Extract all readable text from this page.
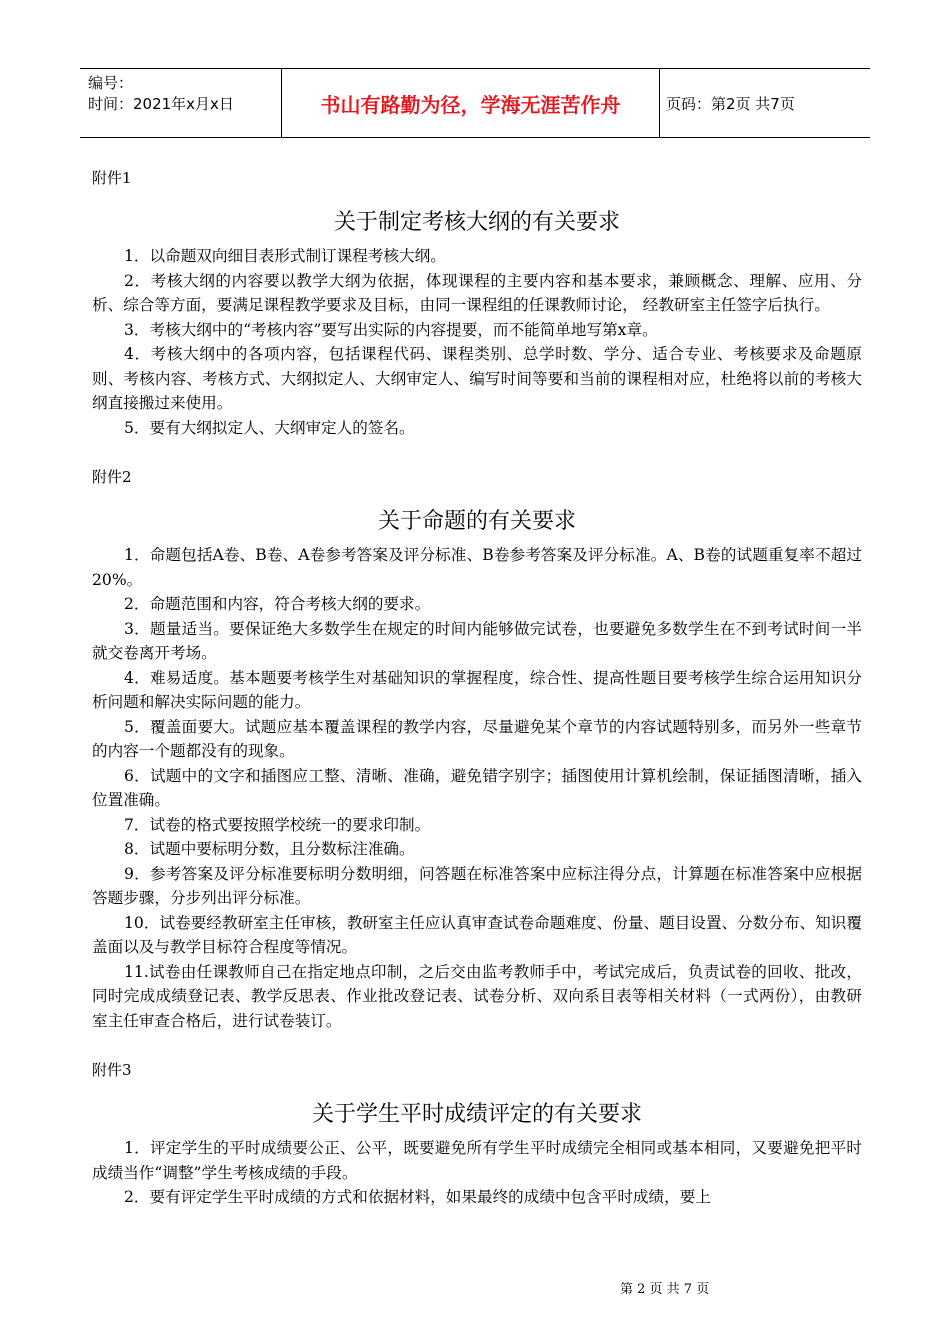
编号：
时间：2021年x月x日	书山有路勤为径，学海无涯苦作舟	页码：第2页 共7页
附件1
关于制定考核大纲的有关要求

1．以命题双向细目表形式制订课程考核大纲。

2．考核大纲的内容要以教学大纲为依据，体现课程的主要内容和基本要求，兼顾概念、理解、应用、分析、综合等方面，要满足课程教学要求及目标，由同一课程组的任课教师讨论， 经教研室主任签字后执行。

3．考核大纲中的“考核内容”要写出实际的内容提要，而不能简单地写第x章。

4．考核大纲中的各项内容，包括课程代码、课程类别、总学时数、学分、适合专业、考核要求及命题原则、考核内容、考核方式、大纲拟定人、大纲审定人、编写时间等要和当前的课程相对应，杜绝将以前的考核大纲直接搬过来使用。

5．要有大纲拟定人、大纲审定人的签名。

附件2
关于命题的有关要求

1．命题包括A卷、B卷、A卷参考答案及评分标准、B卷参考答案及评分标准。A、B卷的试题重复率不超过20%。

2．命题范围和内容，符合考核大纲的要求。

3．题量适当。要保证绝大多数学生在规定的时间内能够做完试卷，也要避免多数学生在不到考试时间一半就交卷离开考场。

4．难易适度。基本题要考核学生对基础知识的掌握程度，综合性、提高性题目要考核学生综合运用知识分析问题和解决实际问题的能力。

5．覆盖面要大。试题应基本覆盖课程的教学内容，尽量避免某个章节的内容试题特别多，而另外一些章节的内容一个题都没有的现象。

6．试题中的文字和插图应工整、清晰、准确，避免错字别字；插图使用计算机绘制，保证插图清晰，插入位置准确。

7．试卷的格式要按照学校统一的要求印制。

8．试题中要标明分数，且分数标注准确。

9．参考答案及评分标准要标明分数明细，问答题在标准答案中应标注得分点，计算题在标准答案中应根据答题步骤，分步列出评分标准。

10．试卷要经教研室主任审核，教研室主任应认真审查试卷命题难度、份量、题目设置、分数分布、知识覆盖面以及与教学目标符合程度等情况。

11.试卷由任课教师自己在指定地点印制，之后交由监考教师手中，考试完成后，负责试卷的回收、批改，同时完成成绩登记表、教学反思表、作业批改登记表、试卷分析、双向系目表等相关材料（一式两份），由教研室主任审查合格后，进行试卷装订。

附件3
关于学生平时成绩评定的有关要求

1．评定学生的平时成绩要公正、公平，既要避免所有学生平时成绩完全相同或基本相同，又要避免把平时成绩当作“调整”学生考核成绩的手段。

2．要有评定学生平时成绩的方式和依据材料，如果最终的成绩中包含平时成绩，要上

第 2 页 共 7 页
